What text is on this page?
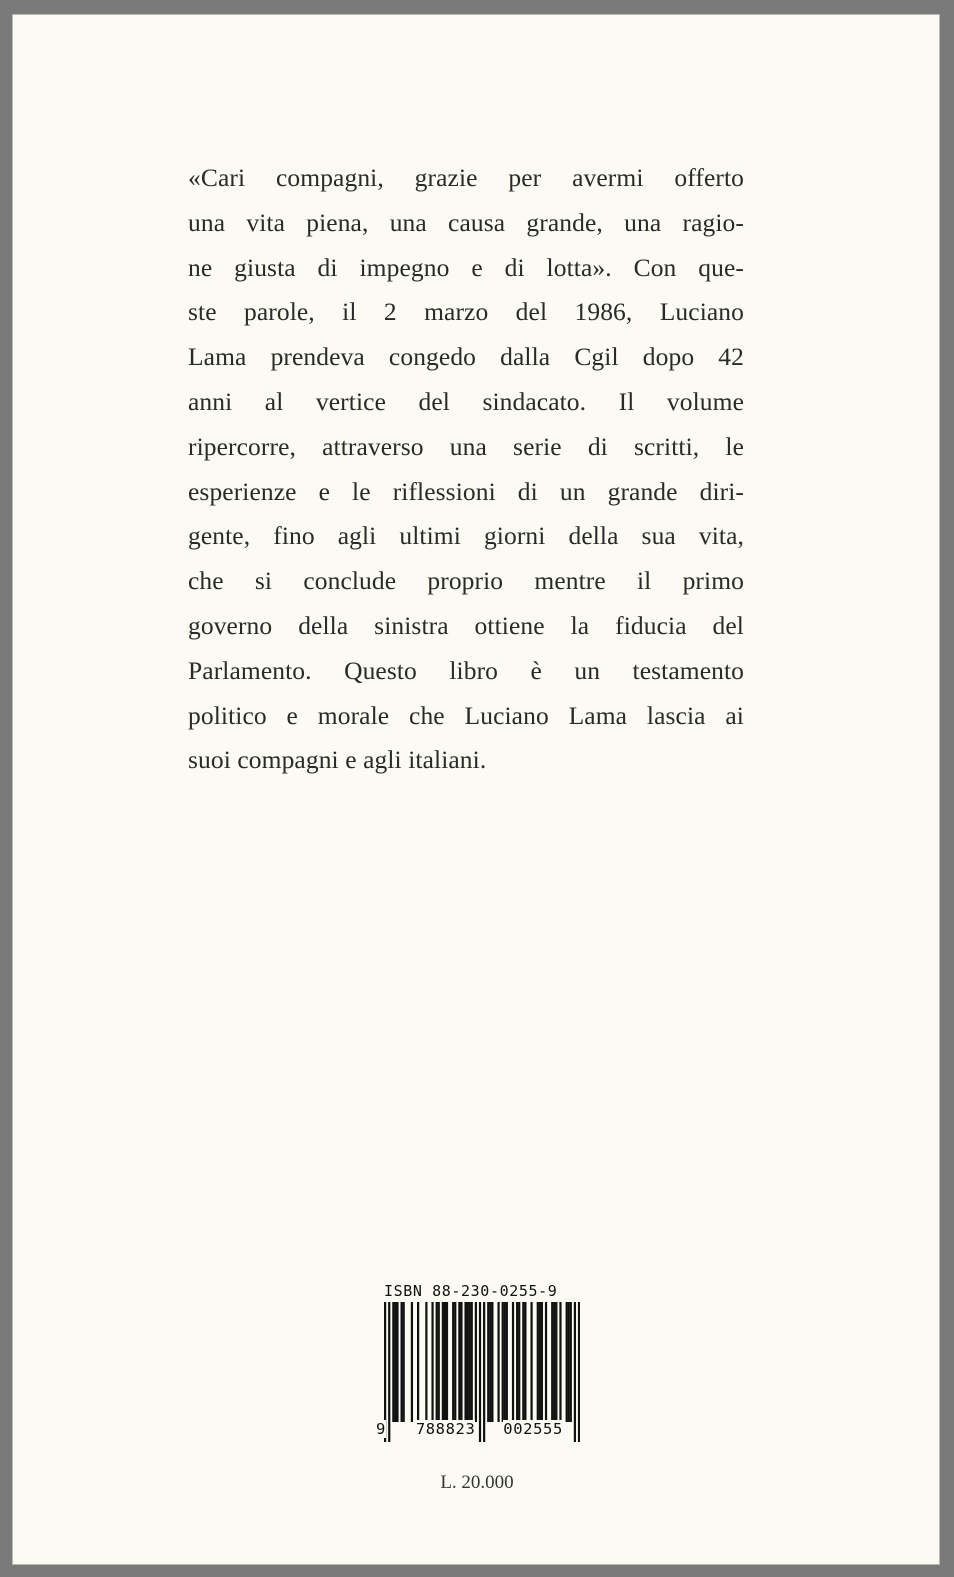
«Cari compagni, grazie per avermi offerto
una vita piena, una causa grande, una ragio-
ne giusta di impegno e di lotta». Con que-
ste parole, il 2 marzo del 1986, Luciano
Lama prendeva congedo dalla Cgil dopo 42
anni al vertice del sindacato. Il volume
ripercorre, attraverso una serie di scritti, le
esperienze e le riflessioni di un grande diri-
gente, fino agli ultimi giorni della sua vita,
che si conclude proprio mentre il primo
governo della sinistra ottiene la fiducia del
Parlamento. Questo libro è un testamento
politico e morale che Luciano Lama lascia ai
suoi compagni e agli italiani.
ISBN 88-230-0255-9
9 788823 002555
L. 20.000
